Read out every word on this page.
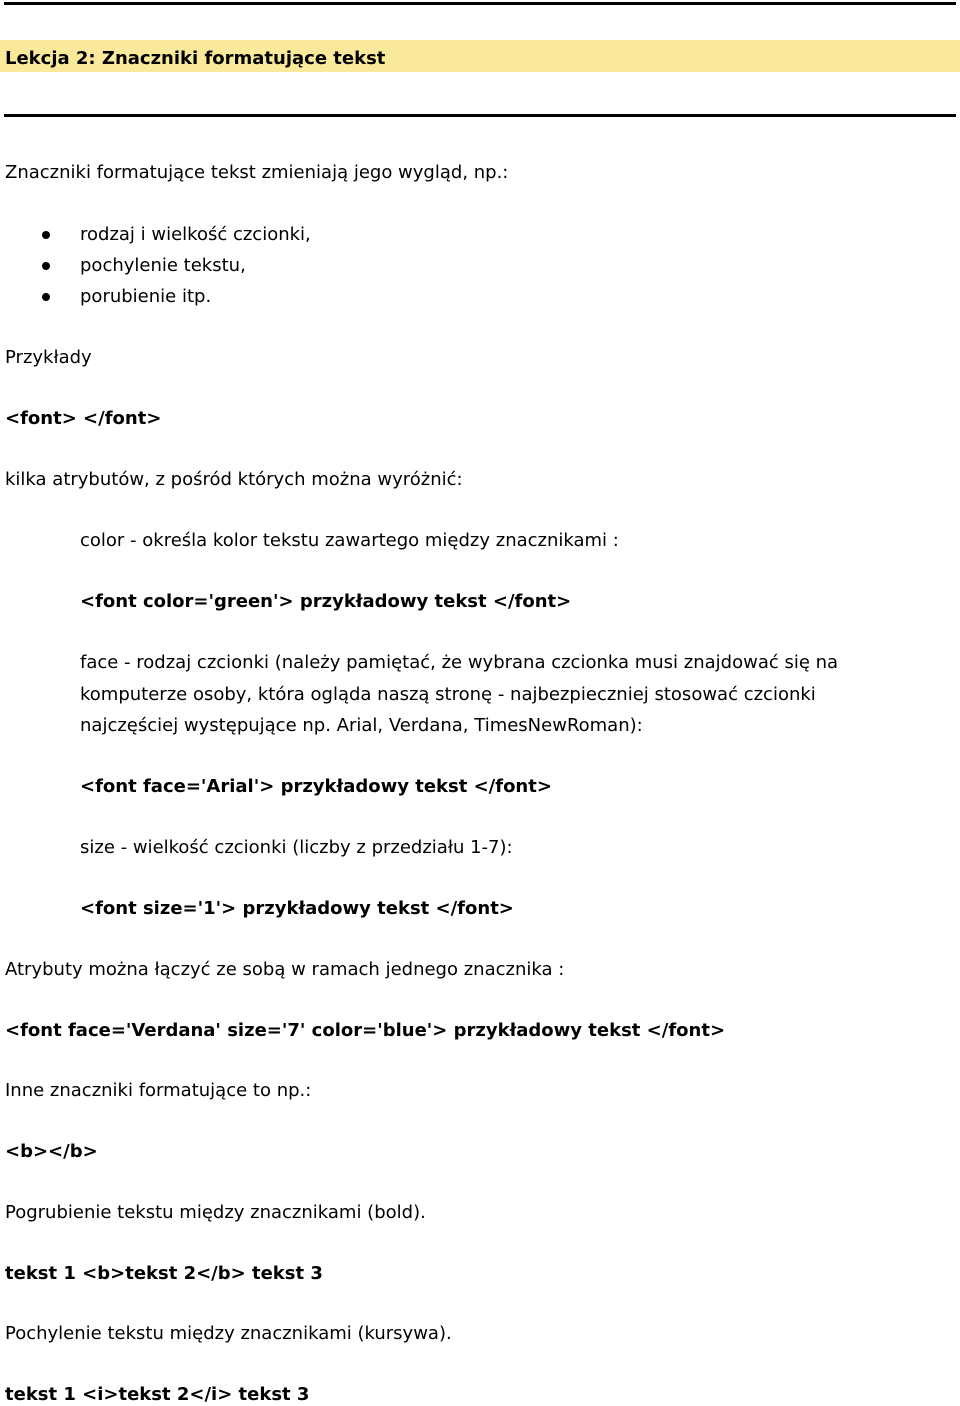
Lekcja 2: Znaczniki formatujące tekst
Znaczniki formatujące tekst zmieniają jego wygląd, np.:
rodzaj i wielkość czcionki,
pochylenie tekstu,
porubienie itp.
Przykłady
<font> </font>
kilka atrybutów, z pośród których można wyróżnić:
color - określa kolor tekstu zawartego między znacznikami :
<font color='green'> przykładowy tekst </font>
face - rodzaj czcionki (należy pamiętać, że wybrana czcionka musi znajdować się na
komputerze osoby, która ogląda naszą stronę - najbezpieczniej stosować czcionki
najczęściej występujące np. Arial, Verdana, TimesNewRoman):
<font face='Arial'> przykładowy tekst </font>
size - wielkość czcionki (liczby z przedziału 1-7):
<font size='1'> przykładowy tekst </font>
Atrybuty można łączyć ze sobą w ramach jednego znacznika :
<font face='Verdana' size='7' color='blue'> przykładowy tekst </font>
Inne znaczniki formatujące to np.:
<b></b>
Pogrubienie tekstu między znacznikami (bold).
tekst 1 <b>tekst 2</b> tekst 3
Pochylenie tekstu między znacznikami (kursywa).
tekst 1 <i>tekst 2</i> tekst 3
